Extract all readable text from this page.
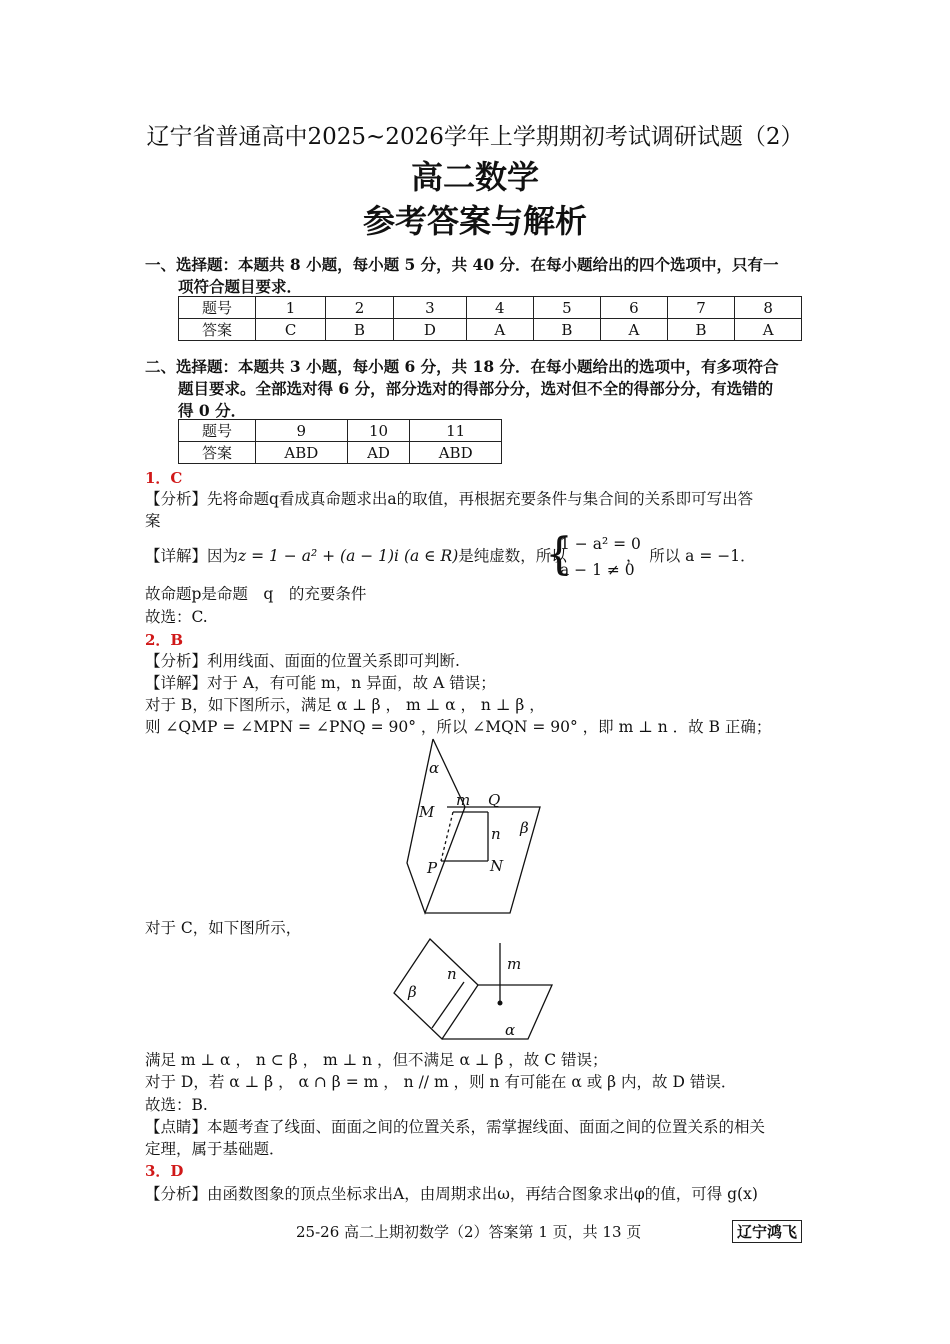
辽宁省普通高中2025~2026学年上学期期初考试调研试题（2）
高二数学
参考答案与解析
一、选择题：本题共 8 小题，每小题 5 分，共 40 分．在每小题给出的四个选项中，只有一
项符合题目要求．
题号	1	2	3	4	5	6	7	8
答案	C	B	D	A	B	A	B	A
二、选择题：本题共 3 小题，每小题 6 分，共 18 分．在每小题给出的选项中，有多项符合
题目要求。全部选对得 6 分，部分选对的得部分分，选对但不全的得部分分，有选错的
得 0 分．
题号	9	10	11
答案	ABD	AD	ABD
1．C
【分析】先将命题q看成真命题求出a的取值，再根据充要条件与集合间的关系即可写出答
案
【详解】因为z = 1 − a² + (a − 1)i (a ∈ R)是纯虚数，所以
{
1 − a² = 0
a − 1 ≠ 0
，　所以 a = −1．
故命题p是命题　q　的充要条件
故选：C.
2．B
【分析】利用线面、面面的位置关系即可判断.
【详解】对于 A，有可能 m，n 异面，故 A 错误；
对于 B，如下图所示，满足 α ⊥ β ， m ⊥ α ， n ⊥ β ，
则 ∠QMP = ∠MPN = ∠PNQ = 90° ，所以 ∠MQN = 90° ，即 m ⊥ n ．故 B 正确；
α
M
m Q
n β
P	N
对于 C，如下图所示，
β
n
m
α
满足 m ⊥ α ， n ⊂ β ， m ⊥ n ，但不满足 α ⊥ β ，故 C 错误；
对于 D，若 α ⊥ β ， α ∩ β = m ， n // m ，则 n 有可能在 α 或 β 内，故 D 错误．
故选：B.
【点睛】本题考查了线面、面面之间的位置关系，需掌握线面、面面之间的位置关系的相关
定理，属于基础题．
3．D
【分析】由函数图象的顶点坐标求出A，由周期求出ω，再结合图象求出φ的值，可得 g(x)
25-26 高二上期初数学（2）答案第 1 页，共 13 页	辽宁鸿飞
